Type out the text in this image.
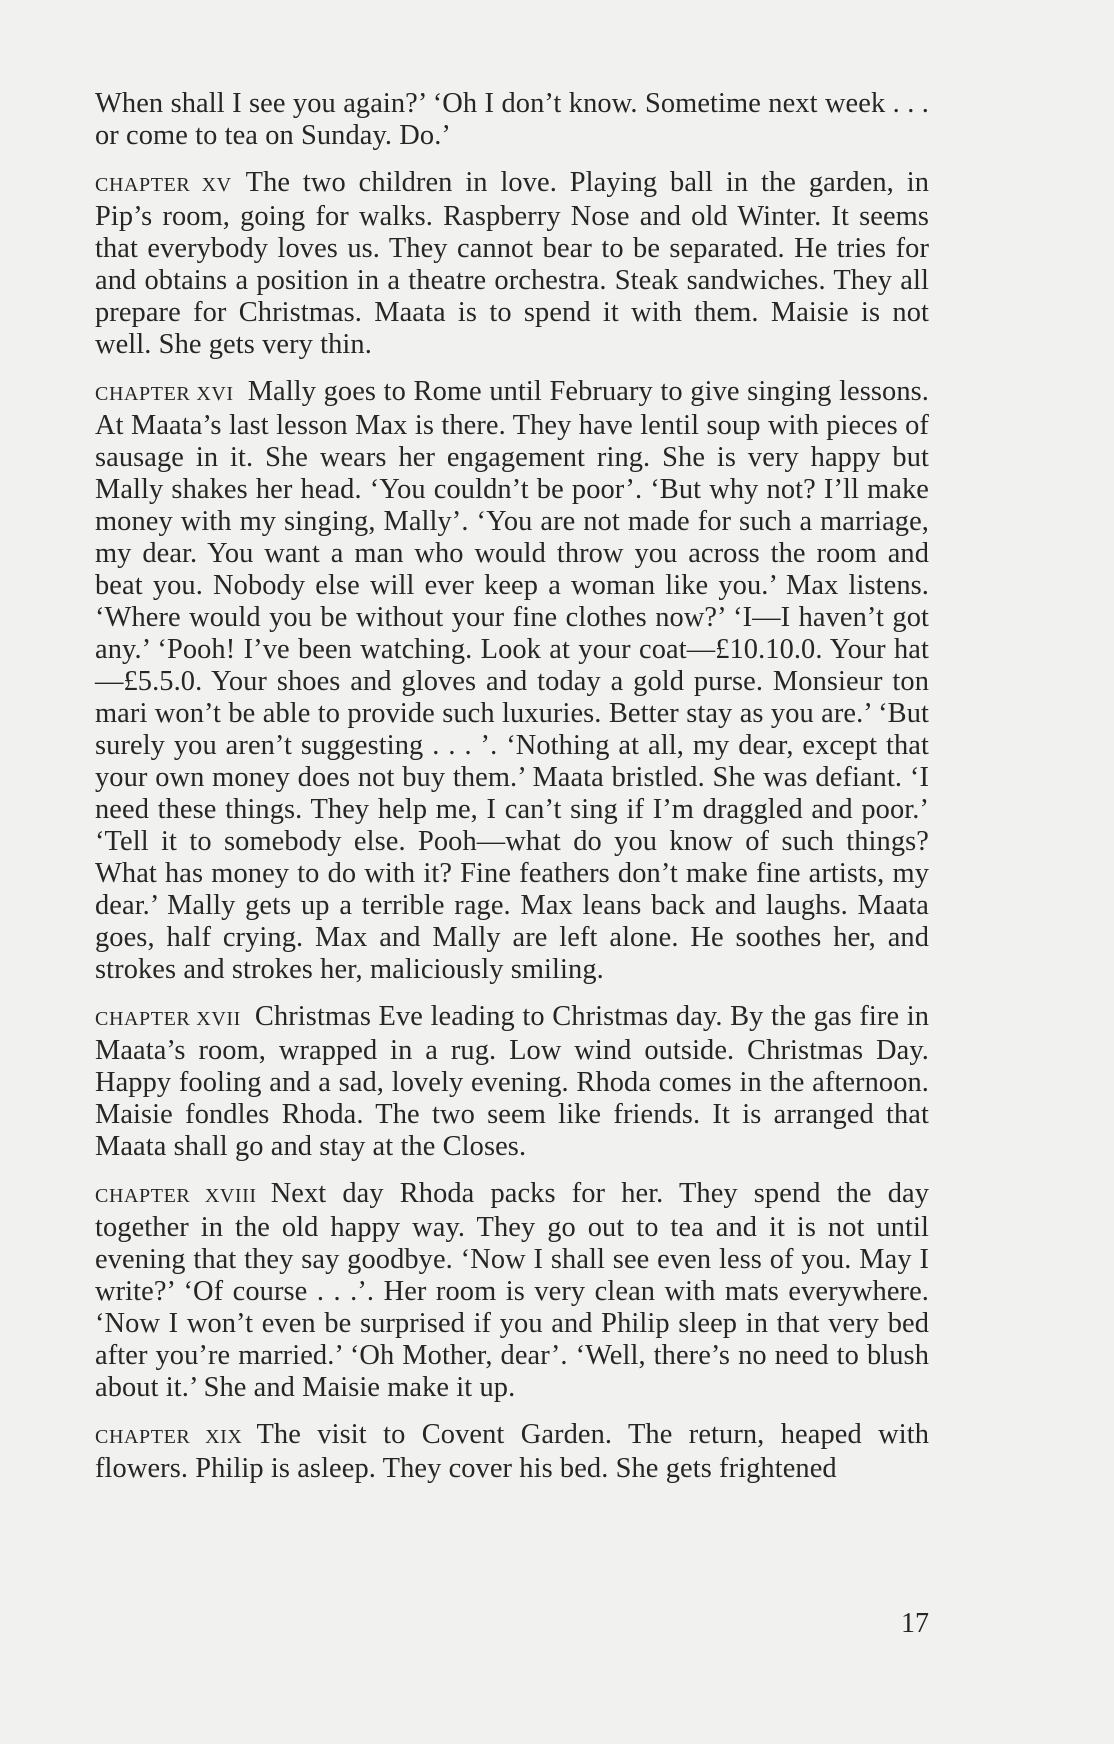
When shall I see you again?’ ‘Oh I don’t know. Sometime next week . . . or come to tea on Sunday. Do.’

CHAPTER XV The two children in love. Playing ball in the garden, in Pip’s room, going for walks. Raspberry Nose and old Winter. It seems that everybody loves us. They cannot bear to be separated. He tries for and obtains a position in a theatre orchestra. Steak sandwiches. They all prepare for Christmas. Maata is to spend it with them. Maisie is not well. She gets very thin.

CHAPTER XVI Mally goes to Rome until February to give singing lessons. At Maata’s last lesson Max is there. They have lentil soup with pieces of sausage in it. She wears her engagement ring. She is very happy but Mally shakes her head. ‘You couldn’t be poor’. ‘But why not? I’ll make money with my singing, Mally’. ‘You are not made for such a marriage, my dear. You want a man who would throw you across the room and beat you. Nobody else will ever keep a woman like you.’ Max listens. ‘Where would you be without your fine clothes now?’ ‘I—I haven’t got any.’ ‘Pooh! I’ve been watching. Look at your coat—£10.10.0. Your hat—£5.5.0. Your shoes and gloves and today a gold purse. Monsieur ton mari won’t be able to provide such luxuries. Better stay as you are.’ ‘But surely you aren’t suggesting . . . ’. ‘Nothing at all, my dear, except that your own money does not buy them.’ Maata bristled. She was defiant. ‘I need these things. They help me, I can’t sing if I’m draggled and poor.’ ‘Tell it to somebody else. Pooh—what do you know of such things? What has money to do with it? Fine feathers don’t make fine artists, my dear.’ Mally gets up a terrible rage. Max leans back and laughs. Maata goes, half crying. Max and Mally are left alone. He soothes her, and strokes and strokes her, maliciously smiling.

CHAPTER XVII Christmas Eve leading to Christmas day. By the gas fire in Maata’s room, wrapped in a rug. Low wind outside. Christmas Day. Happy fooling and a sad, lovely evening. Rhoda comes in the afternoon. Maisie fondles Rhoda. The two seem like friends. It is arranged that Maata shall go and stay at the Closes.

CHAPTER XVIII Next day Rhoda packs for her. They spend the day together in the old happy way. They go out to tea and it is not until evening that they say goodbye. ‘Now I shall see even less of you. May I write?’ ‘Of course . . .’. Her room is very clean with mats everywhere. ‘Now I won’t even be surprised if you and Philip sleep in that very bed after you’re married.’ ‘Oh Mother, dear’. ‘Well, there’s no need to blush about it.’ She and Maisie make it up.

CHAPTER XIX The visit to Covent Garden. The return, heaped with flowers. Philip is asleep. They cover his bed. She gets frightened

17
